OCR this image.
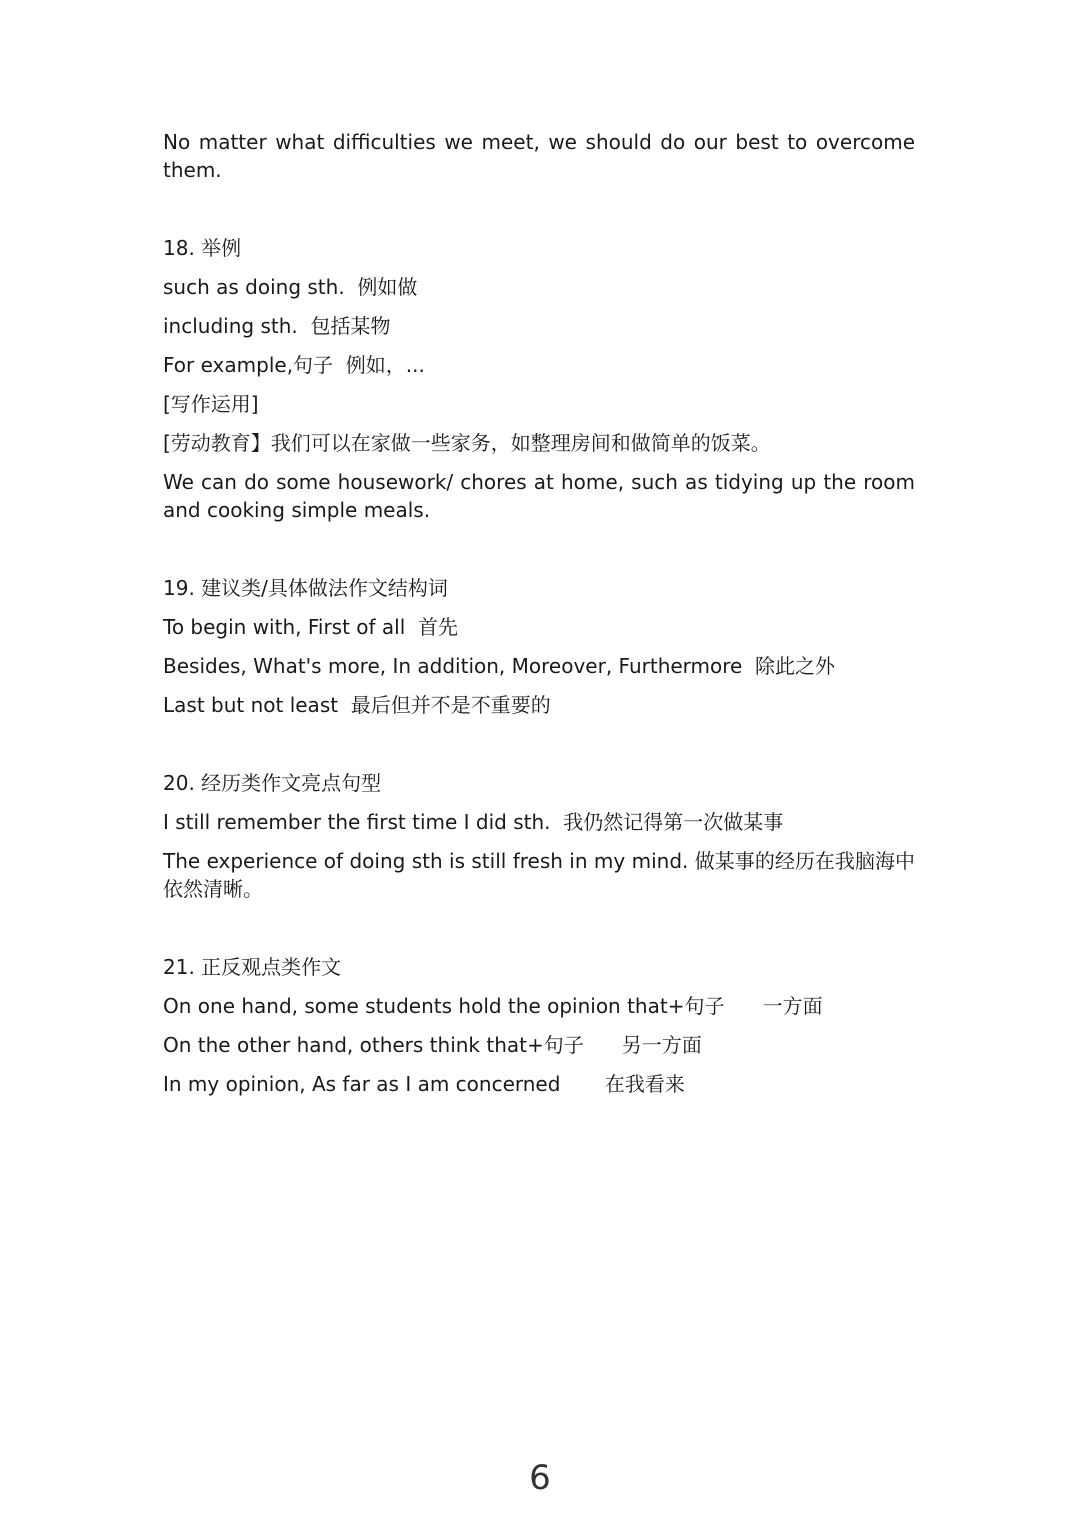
No matter what difficulties we meet, we should do our best to overcome them.

18. 举例

such as doing sth.  例如做

including sth.  包括某物

For example,句子  例如，...

[写作运用]

[劳动教育】我们可以在家做一些家务，如整理房间和做简单的饭菜。

We can do some housework/ chores at home, such as tidying up the room and cooking simple meals.

19. 建议类/具体做法作文结构词

To begin with, First of all  首先

Besides, What's more, In addition, Moreover, Furthermore  除此之外

Last but not least  最后但并不是不重要的

20. 经历类作文亮点句型

I still remember the first time I did sth.  我仍然记得第一次做某事

The experience of doing sth is still fresh in my mind. 做某事的经历在我脑海中依然清晰。

21. 正反观点类作文

On one hand, some students hold the opinion that+句子      一方面

On the other hand, others think that+句子      另一方面

In my opinion, As far as I am concerned       在我看来

6
